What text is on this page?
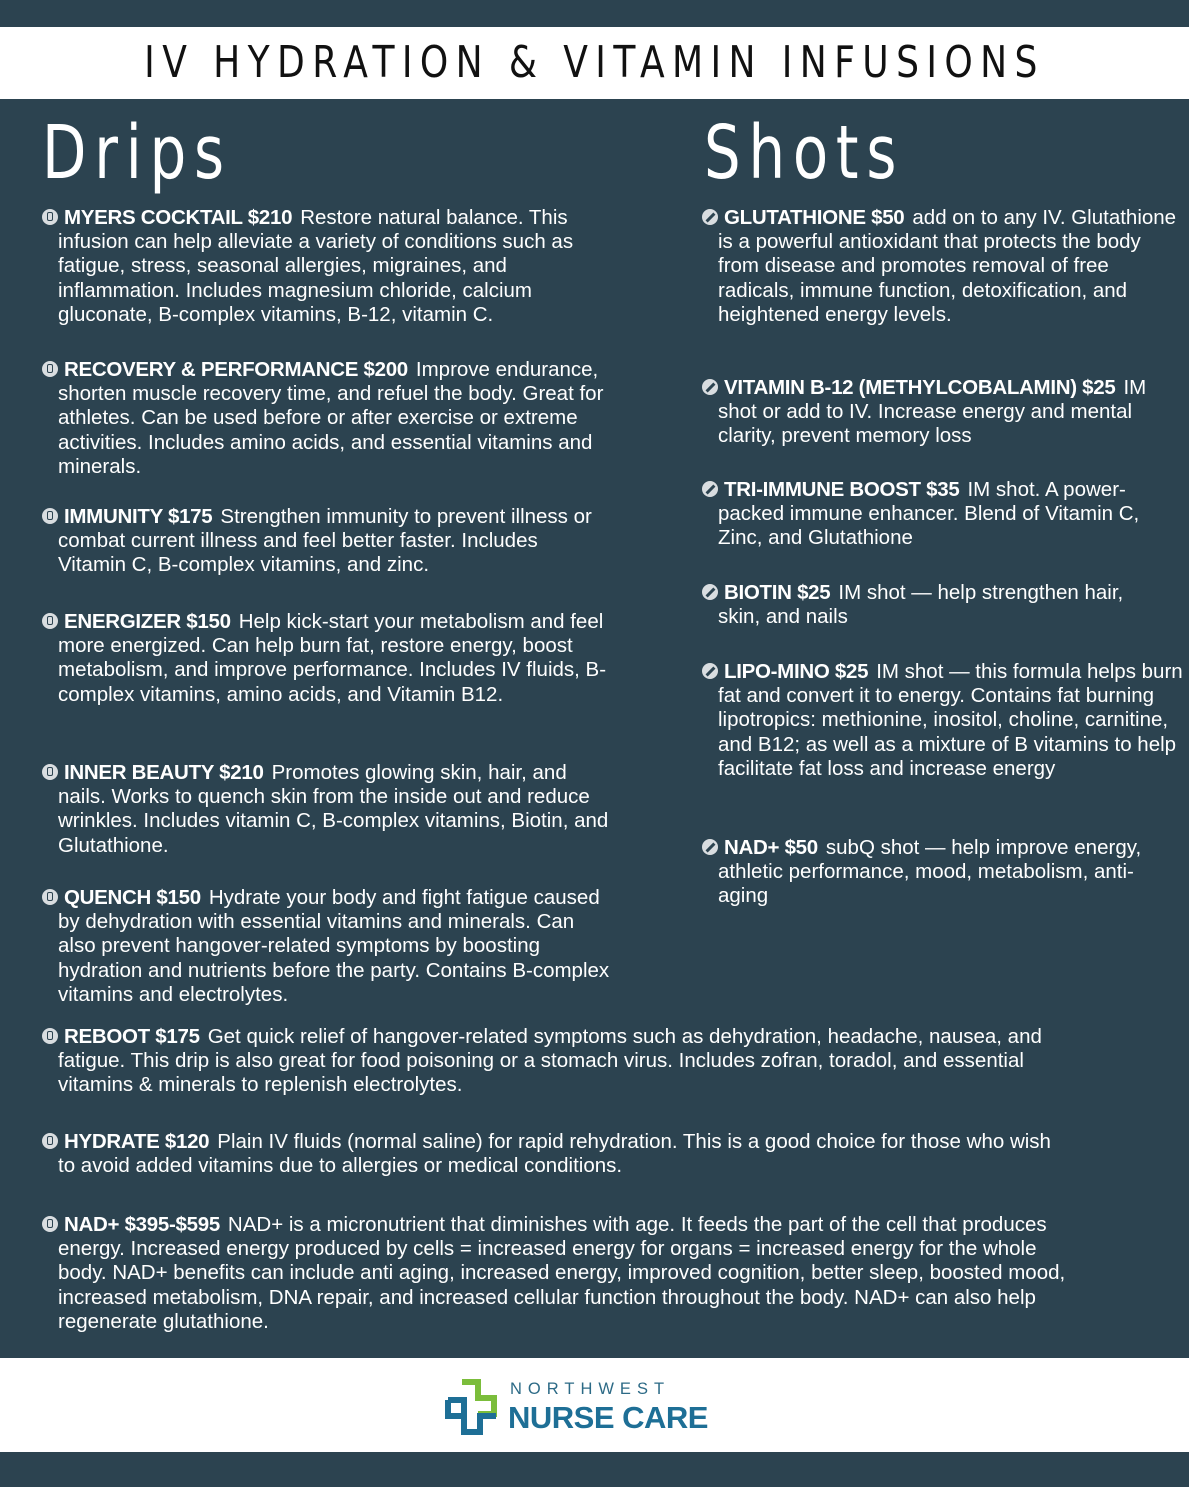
IV HYDRATION & VITAMIN INFUSIONS
Drips	Shots
MYERS COCKTAIL $210 Restore natural balance. This infusion can help alleviate a variety of conditions such as fatigue, stress, seasonal allergies, migraines, and inflammation. Includes magnesium chloride, calcium gluconate, B-complex vitamins, B-12, vitamin C.
RECOVERY & PERFORMANCE $200 Improve endurance, shorten muscle recovery time, and refuel the body. Great for athletes. Can be used before or after exercise or extreme activities. Includes amino acids, and essential vitamins and minerals.
IMMUNITY $175 Strengthen immunity to prevent illness or combat current illness and feel better faster. Includes Vitamin C, B-complex vitamins, and zinc.
ENERGIZER $150 Help kick-start your metabolism and feel more energized. Can help burn fat, restore energy, boost metabolism, and improve performance. Includes IV fluids, B-complex vitamins, amino acids, and Vitamin B12.
INNER BEAUTY $210 Promotes glowing skin, hair, and nails. Works to quench skin from the inside out and reduce wrinkles. Includes vitamin C, B-complex vitamins, Biotin, and Glutathione.
QUENCH $150 Hydrate your body and fight fatigue caused by dehydration with essential vitamins and minerals. Can also prevent hangover-related symptoms by boosting hydration and nutrients before the party. Contains B-complex vitamins and electrolytes.
REBOOT $175 Get quick relief of hangover-related symptoms such as dehydration, headache, nausea, and fatigue. This drip is also great for food poisoning or a stomach virus. Includes zofran, toradol, and essential vitamins & minerals to replenish electrolytes.
HYDRATE $120 Plain IV fluids (normal saline) for rapid rehydration. This is a good choice for those who wish to avoid added vitamins due to allergies or medical conditions.
NAD+ $395-$595 NAD+ is a micronutrient that diminishes with age. It feeds the part of the cell that produces energy. Increased energy produced by cells = increased energy for organs = increased energy for the whole body. NAD+ benefits can include anti aging, increased energy, improved cognition, better sleep, boosted mood, increased metabolism, DNA repair, and increased cellular function throughout the body. NAD+ can also help regenerate glutathione.
GLUTATHIONE $50 add on to any IV. Glutathione is a powerful antioxidant that protects the body from disease and promotes removal of free radicals, immune function, detoxification, and heightened energy levels.
VITAMIN B-12 (METHYLCOBALAMIN) $25 IM shot or add to IV. Increase energy and mental clarity, prevent memory loss
TRI-IMMUNE BOOST $35 IM shot. A power-packed immune enhancer. Blend of Vitamin C, Zinc, and Glutathione
BIOTIN $25 IM shot — help strengthen hair, skin, and nails
LIPO-MINO $25 IM shot — this formula helps burn fat and convert it to energy. Contains fat burning lipotropics: methionine, inositol, choline, carnitine, and B12; as well as a mixture of B vitamins to help facilitate fat loss and increase energy
NAD+ $50 subQ shot — help improve energy, athletic performance, mood, metabolism, anti-aging
NORTHWEST
NURSE CARE
